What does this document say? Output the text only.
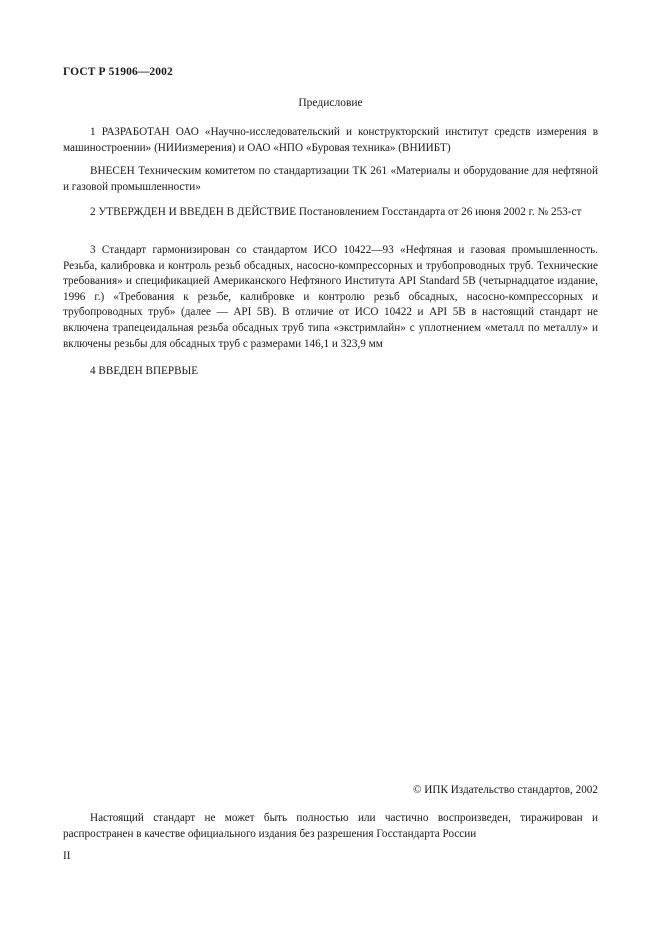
ГОСТ Р 51906—2002
Предисловие
1 РАЗРАБОТАН ОАО «Научно-исследовательский и конструкторский институт средств измерения в машиностроении» (НИИизмерения) и ОАО «НПО «Буровая техника» (ВНИИБТ)
ВНЕСЕН Техническим комитетом по стандартизации ТК 261 «Материалы и оборудование для нефтяной и газовой промышленности»
2 УТВЕРЖДЕН И ВВЕДЕН В ДЕЙСТВИЕ Постановлением Госстандарта от 26 июня 2002 г. № 253-ст
3 Стандарт гармонизирован со стандартом ИСО 10422—93 «Нефтяная и газовая промышленность. Резьба, калибровка и контроль резьб обсадных, насосно-компрессорных и трубопроводных труб. Технические требования» и спецификацией Американского Нефтяного Института API Standard 5В (четырнадцатое издание, 1996 г.) «Требования к резьбе, калибровке и контролю резьб обсадных, насосно-компрессорных и трубопроводных труб» (далее — API 5В). В отличие от ИСО 10422 и API 5В в настоящий стандарт не включена трапецеидальная резьба обсадных труб типа «экстримлайн» с уплотнением «металл по металлу» и включены резьбы для обсадных труб с размерами 146,1 и 323,9 мм
4 ВВЕДЕН ВПЕРВЫЕ
© ИПК Издательство стандартов, 2002
Настоящий стандарт не может быть полностью или частично воспроизведен, тиражирован и распространен в качестве официального издания без разрешения Госстандарта России
II
